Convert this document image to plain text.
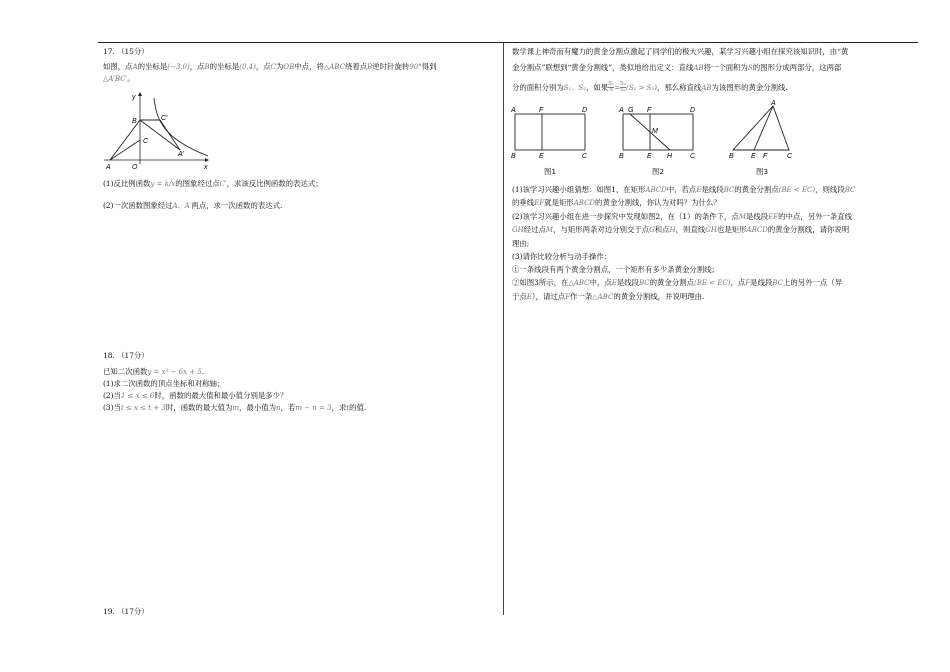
17. （15分）
如图，点A的坐标是(−3,0)，点B的坐标是(0,4)，点C为OB中点，将△ABC绕着点B逆时针旋转90°得到
△A′BC′。
y
x
B
C
C′
A′
A	O
(1)反比例函数y = k/x的图象经过点C′，求该反比例函数的表达式；
(2)一次函数图象经过A、A′两点，求一次函数的表达式.
18. （17分）
已知二次函数y = x² − 6x + 5.
(1)求二次函数的顶点坐标和对称轴；
(2)当1 ≤ x ≤ 6时，函数的最大值和最小值分别是多少？
(3)当t ≤ x ≤ t + 3时，函数的最大值为m，最小值为n，若m − n = 3，求t的值.
19. （17分）
数学课上神奇而有魔力的黄金分割点激起了同学们的极大兴趣，某学习兴趣小组在探究该知识时，由“黄
金分割点”联想到“黄金分割线”，类似地给出定义：直线AB将一个面积为S的图形分成两部分，这两部
分的面积分别为S₁、S₂，如果 $\frac{\text{S₁}}{S} = \frac{\text{S₂}}{\text{S₁}} (S_1 > S_2)$，那么称直线AB为该图形的黄金分割线.
A	F	D
B	E	C
图1
A G F	D
M
B	E H	C
图2
A
B E F	C
图3
(1)该学习兴趣小组猜想：如图1，在矩形ABCD中，若点E是线段BC的黄金分割点(BE < EC)，则线段BC
的垂线EF就是矩形ABCD的黄金分割线，你认为对吗？为什么？
(2)该学习兴趣小组在进一步探究中发现如图2，在（1）的条件下，点M是线段EF的中点，另外一条直线
GH经过点M，与矩形两条对边分别交于点G和点H，则直线GH也是矩形ABCD的黄金分割线，请你说明
理由;
(3)请你比较分析与动手操作：
①一条线段有两个黄金分割点，一个矩形有多少条黄金分割线；
②如图3所示，在△ABC中，点E是线段BC的黄金分割点(BE < EC)，点F是线段BC上的另外一点（异
于点E），请过点F作一条△ABC的黄金分割线，并说明理由.
